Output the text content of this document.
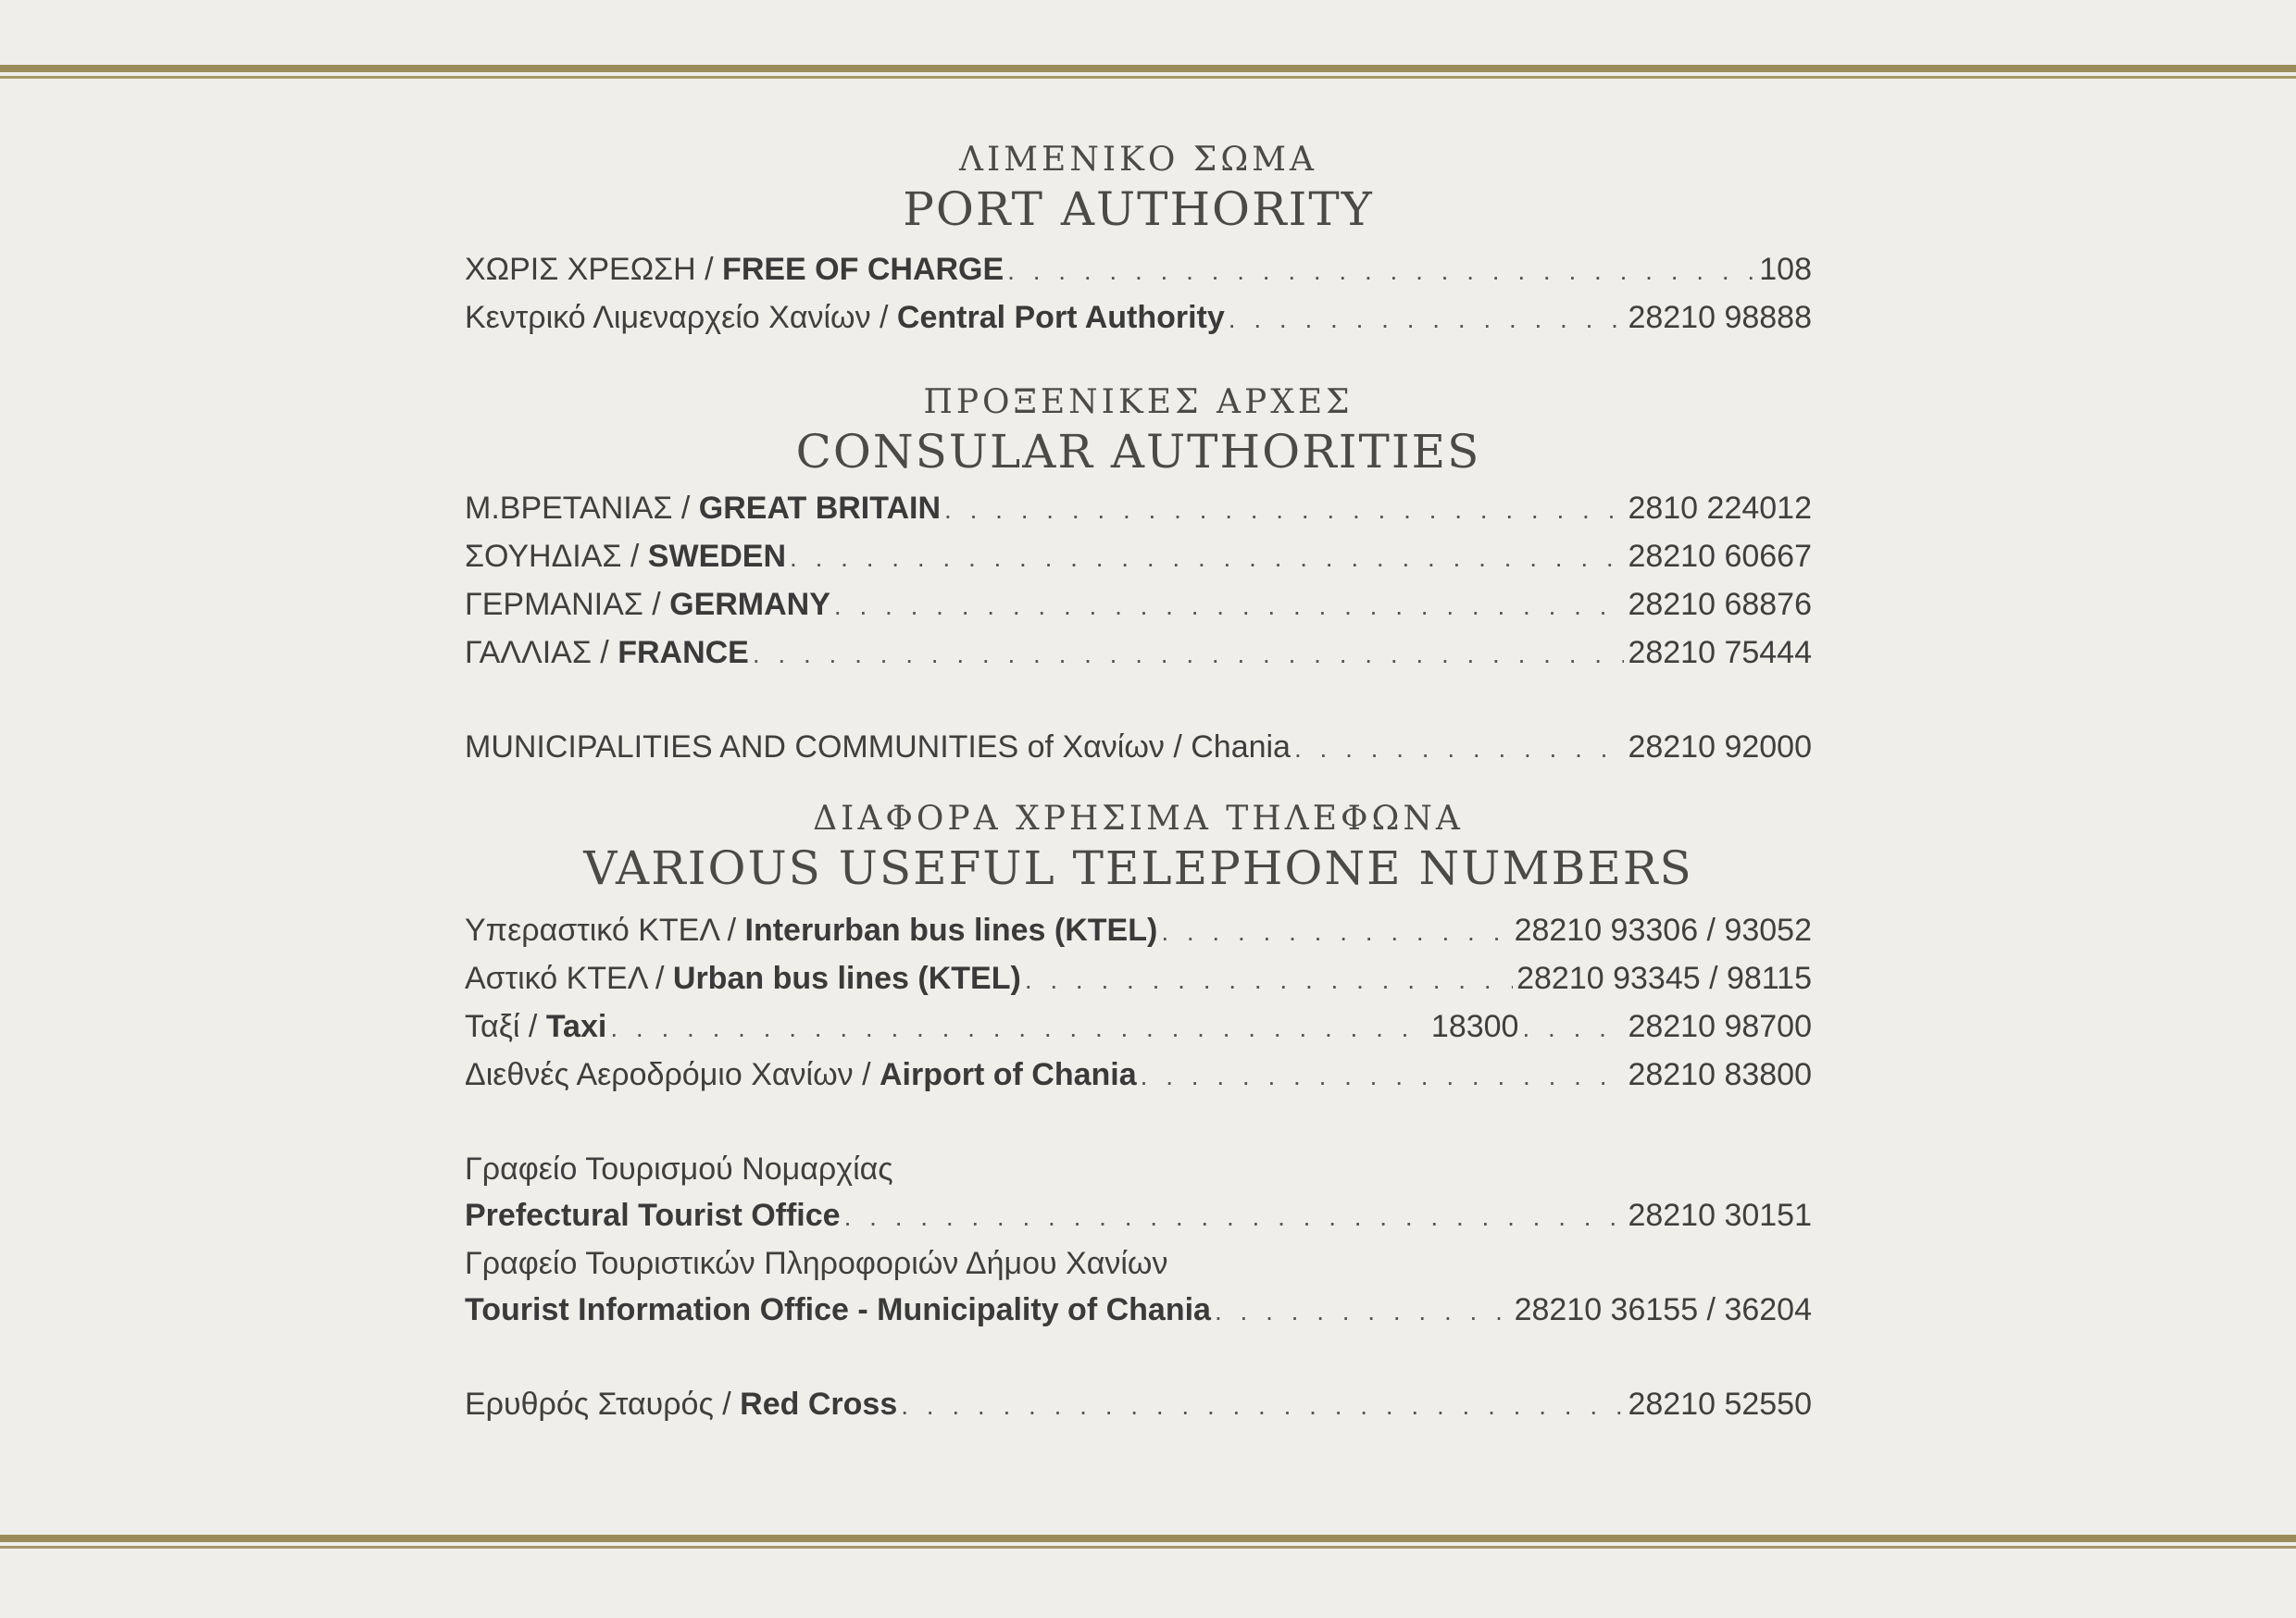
ΛΙΜΕΝΙΚΟ ΣΩΜΑ
PORT AUTHORITY
ΧΩΡΙΣ ΧΡΕΩΣΗ / FREE OF CHARGE . . .	108
Κεντρικό Λιμεναρχείο Χανίων / Central Port Authority . . .	28210 98888
ΠΡΟΞΕΝΙΚΕΣ ΑΡΧΕΣ
CONSULAR AUTHORITIES
Μ.ΒΡΕΤΑΝΙΑΣ / GREAT BRITAIN . . .	2810 224012
ΣΟΥΗΔΙΑΣ / SWEDEN . . .	28210 60667
ΓΕΡΜΑΝΙΑΣ / GERMANY . . .	28210 68876
ΓΑΛΛΙΑΣ / FRANCE . . .	28210 75444
MUNICIPALITIES AND COMMUNITIES of Χανίων / Chania . . .	28210 92000
ΔΙΑΦΟΡΑ ΧΡΗΣΙΜΑ ΤΗΛΕΦΩΝΑ
VARIOUS USEFUL TELEPHONE NUMBERS
Υπεραστικό ΚΤΕΛ / Interurban bus lines (KTEL) . . .	28210 93306 / 93052
Αστικό ΚΤΕΛ / Urban bus lines (KTEL) . . .	28210 93345 / 98115
Ταξί / Taxi . . .	18300 . . .	28210 98700
Διεθνές Αεροδρόμιο Χανίων / Airport of Chania . . .	28210 83800
Γραφείο Τουρισμού Νομαρχίας
Prefectural Tourist Office . . .	28210 30151
Γραφείο Τουριστικών Πληροφοριών Δήμου Χανίων
Tourist Information Office - Municipality of Chania . . .	28210 36155 / 36204
Ερυθρός Σταυρός / Red Cross . . .	28210 52550
